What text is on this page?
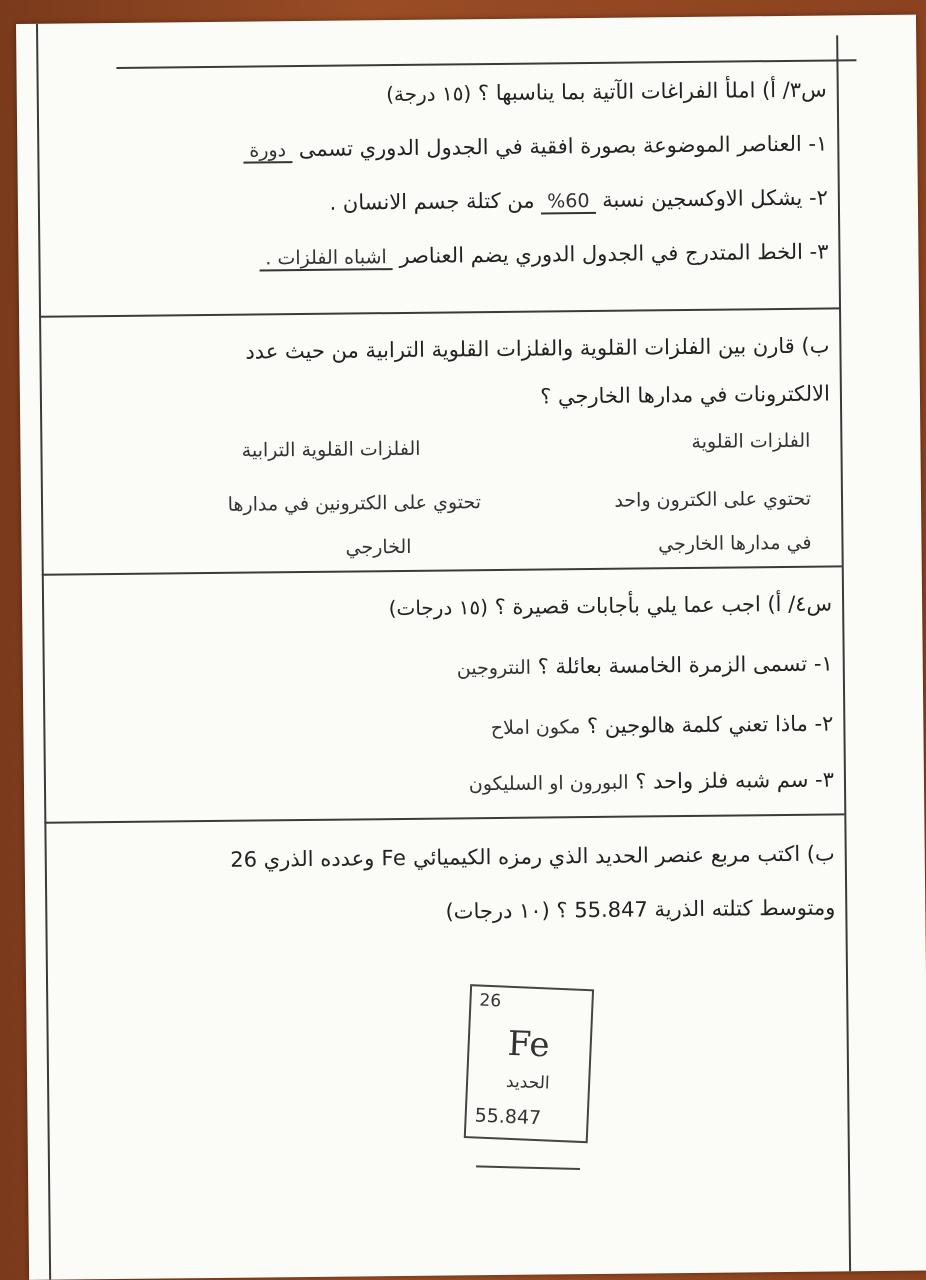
س٣/ أ) املأ الفراغات الآتية بما يناسبها ؟ (١٥ درجة)
١- العناصر الموضوعة بصورة افقية في الجدول الدوري تسمى دورة
٢- يشكل الاوكسجين نسبة 60% من كتلة جسم الانسان .
٣- الخط المتدرج في الجدول الدوري يضم العناصر اشباه الفلزات .
ب) قارن بين الفلزات القلوية والفلزات القلوية الترابية من حيث عدد
الالكترونات في مدارها الخارجي ؟
الفلزات القلوية
الفلزات القلوية الترابية
تحتوي على الكترون واحد
تحتوي على الكترونين في مدارها
في مدارها الخارجي
الخارجي
س٤/ أ) اجب عما يلي بأجابات قصيرة ؟ (١٥ درجات)
١- تسمى الزمرة الخامسة بعائلة ؟ النتروجين
٢- ماذا تعني كلمة هالوجين ؟ مكون املاح
٣- سم شبه فلز واحد ؟ البورون او السليكون
ب) اكتب مربع عنصر الحديد الذي رمزه الكيميائي Fe وعدده الذري 26
ومتوسط كتلته الذرية 55.847 ؟ (١٠ درجات)
26
Fe
الحديد
55.847
